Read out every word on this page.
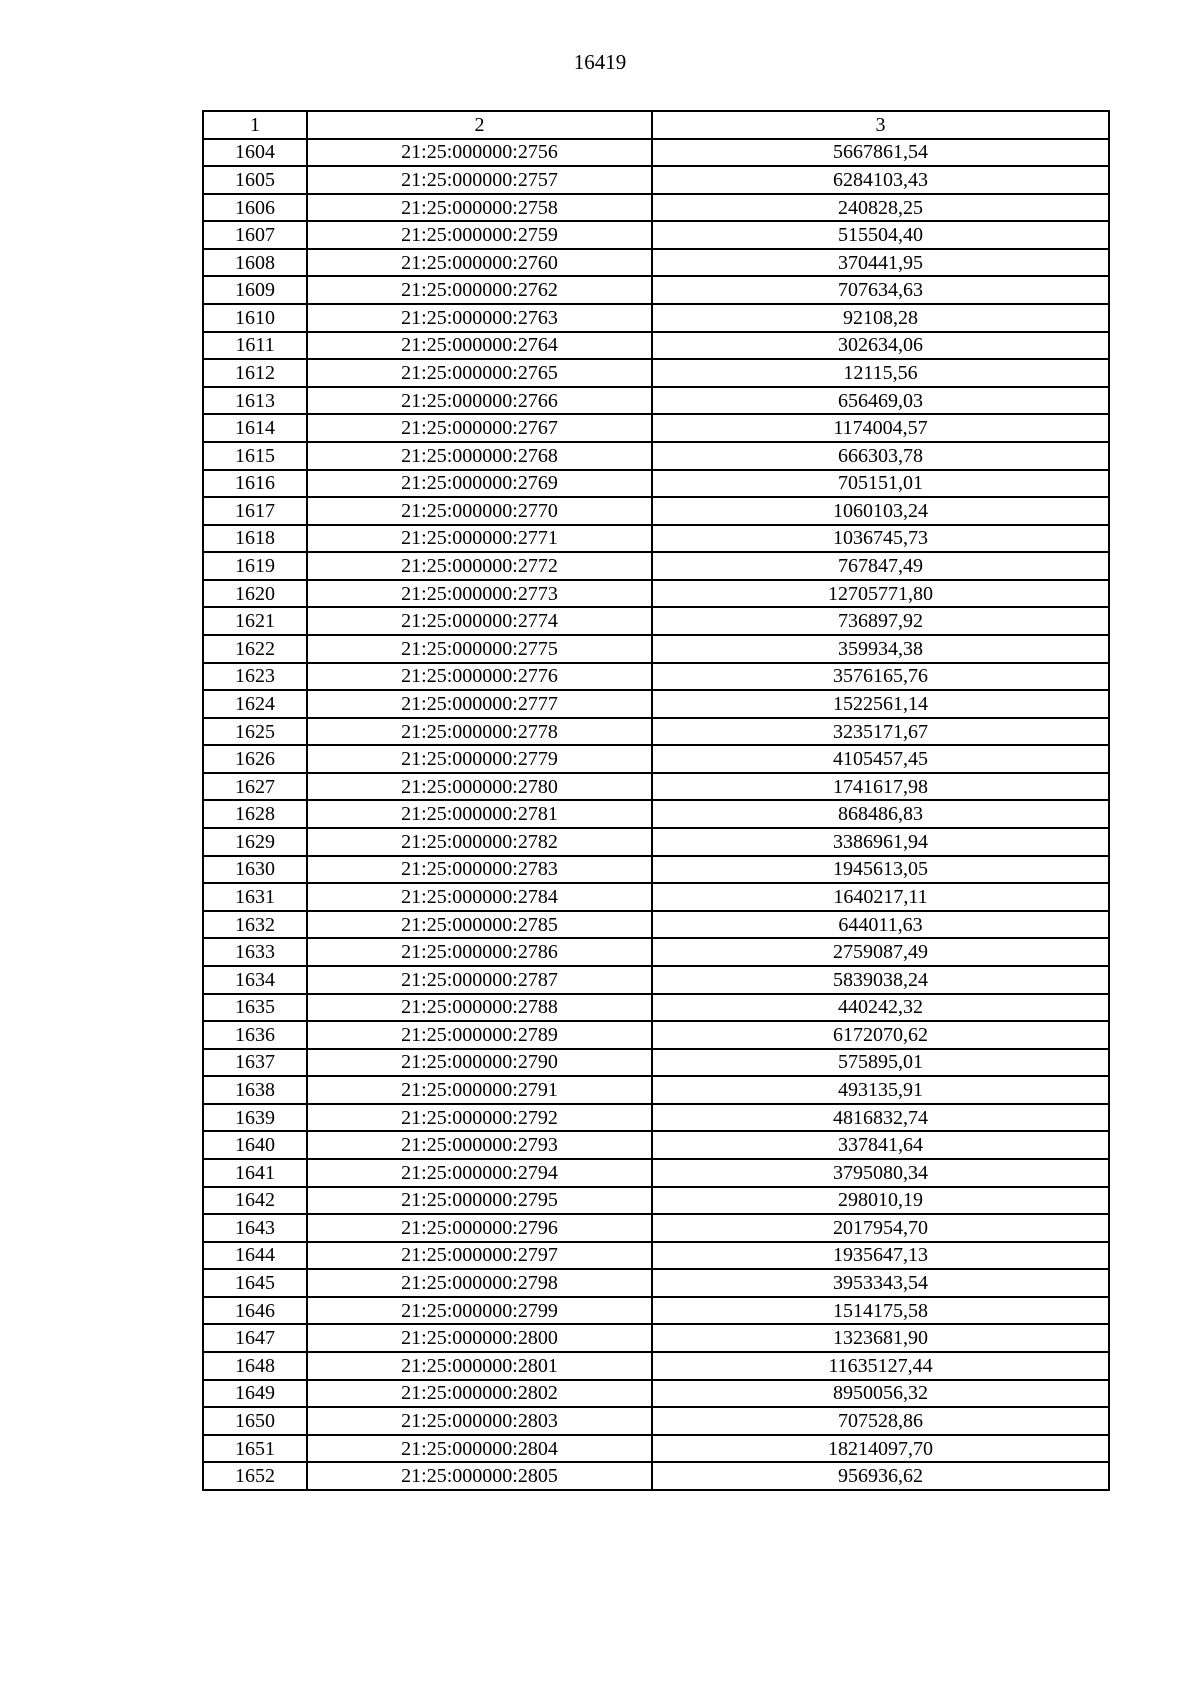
16419
1	2	3
1604	21:25:000000:2756	5667861,54
1605	21:25:000000:2757	6284103,43
1606	21:25:000000:2758	240828,25
1607	21:25:000000:2759	515504,40
1608	21:25:000000:2760	370441,95
1609	21:25:000000:2762	707634,63
1610	21:25:000000:2763	92108,28
1611	21:25:000000:2764	302634,06
1612	21:25:000000:2765	12115,56
1613	21:25:000000:2766	656469,03
1614	21:25:000000:2767	1174004,57
1615	21:25:000000:2768	666303,78
1616	21:25:000000:2769	705151,01
1617	21:25:000000:2770	1060103,24
1618	21:25:000000:2771	1036745,73
1619	21:25:000000:2772	767847,49
1620	21:25:000000:2773	12705771,80
1621	21:25:000000:2774	736897,92
1622	21:25:000000:2775	359934,38
1623	21:25:000000:2776	3576165,76
1624	21:25:000000:2777	1522561,14
1625	21:25:000000:2778	3235171,67
1626	21:25:000000:2779	4105457,45
1627	21:25:000000:2780	1741617,98
1628	21:25:000000:2781	868486,83
1629	21:25:000000:2782	3386961,94
1630	21:25:000000:2783	1945613,05
1631	21:25:000000:2784	1640217,11
1632	21:25:000000:2785	644011,63
1633	21:25:000000:2786	2759087,49
1634	21:25:000000:2787	5839038,24
1635	21:25:000000:2788	440242,32
1636	21:25:000000:2789	6172070,62
1637	21:25:000000:2790	575895,01
1638	21:25:000000:2791	493135,91
1639	21:25:000000:2792	4816832,74
1640	21:25:000000:2793	337841,64
1641	21:25:000000:2794	3795080,34
1642	21:25:000000:2795	298010,19
1643	21:25:000000:2796	2017954,70
1644	21:25:000000:2797	1935647,13
1645	21:25:000000:2798	3953343,54
1646	21:25:000000:2799	1514175,58
1647	21:25:000000:2800	1323681,90
1648	21:25:000000:2801	11635127,44
1649	21:25:000000:2802	8950056,32
1650	21:25:000000:2803	707528,86
1651	21:25:000000:2804	18214097,70
1652	21:25:000000:2805	956936,62
